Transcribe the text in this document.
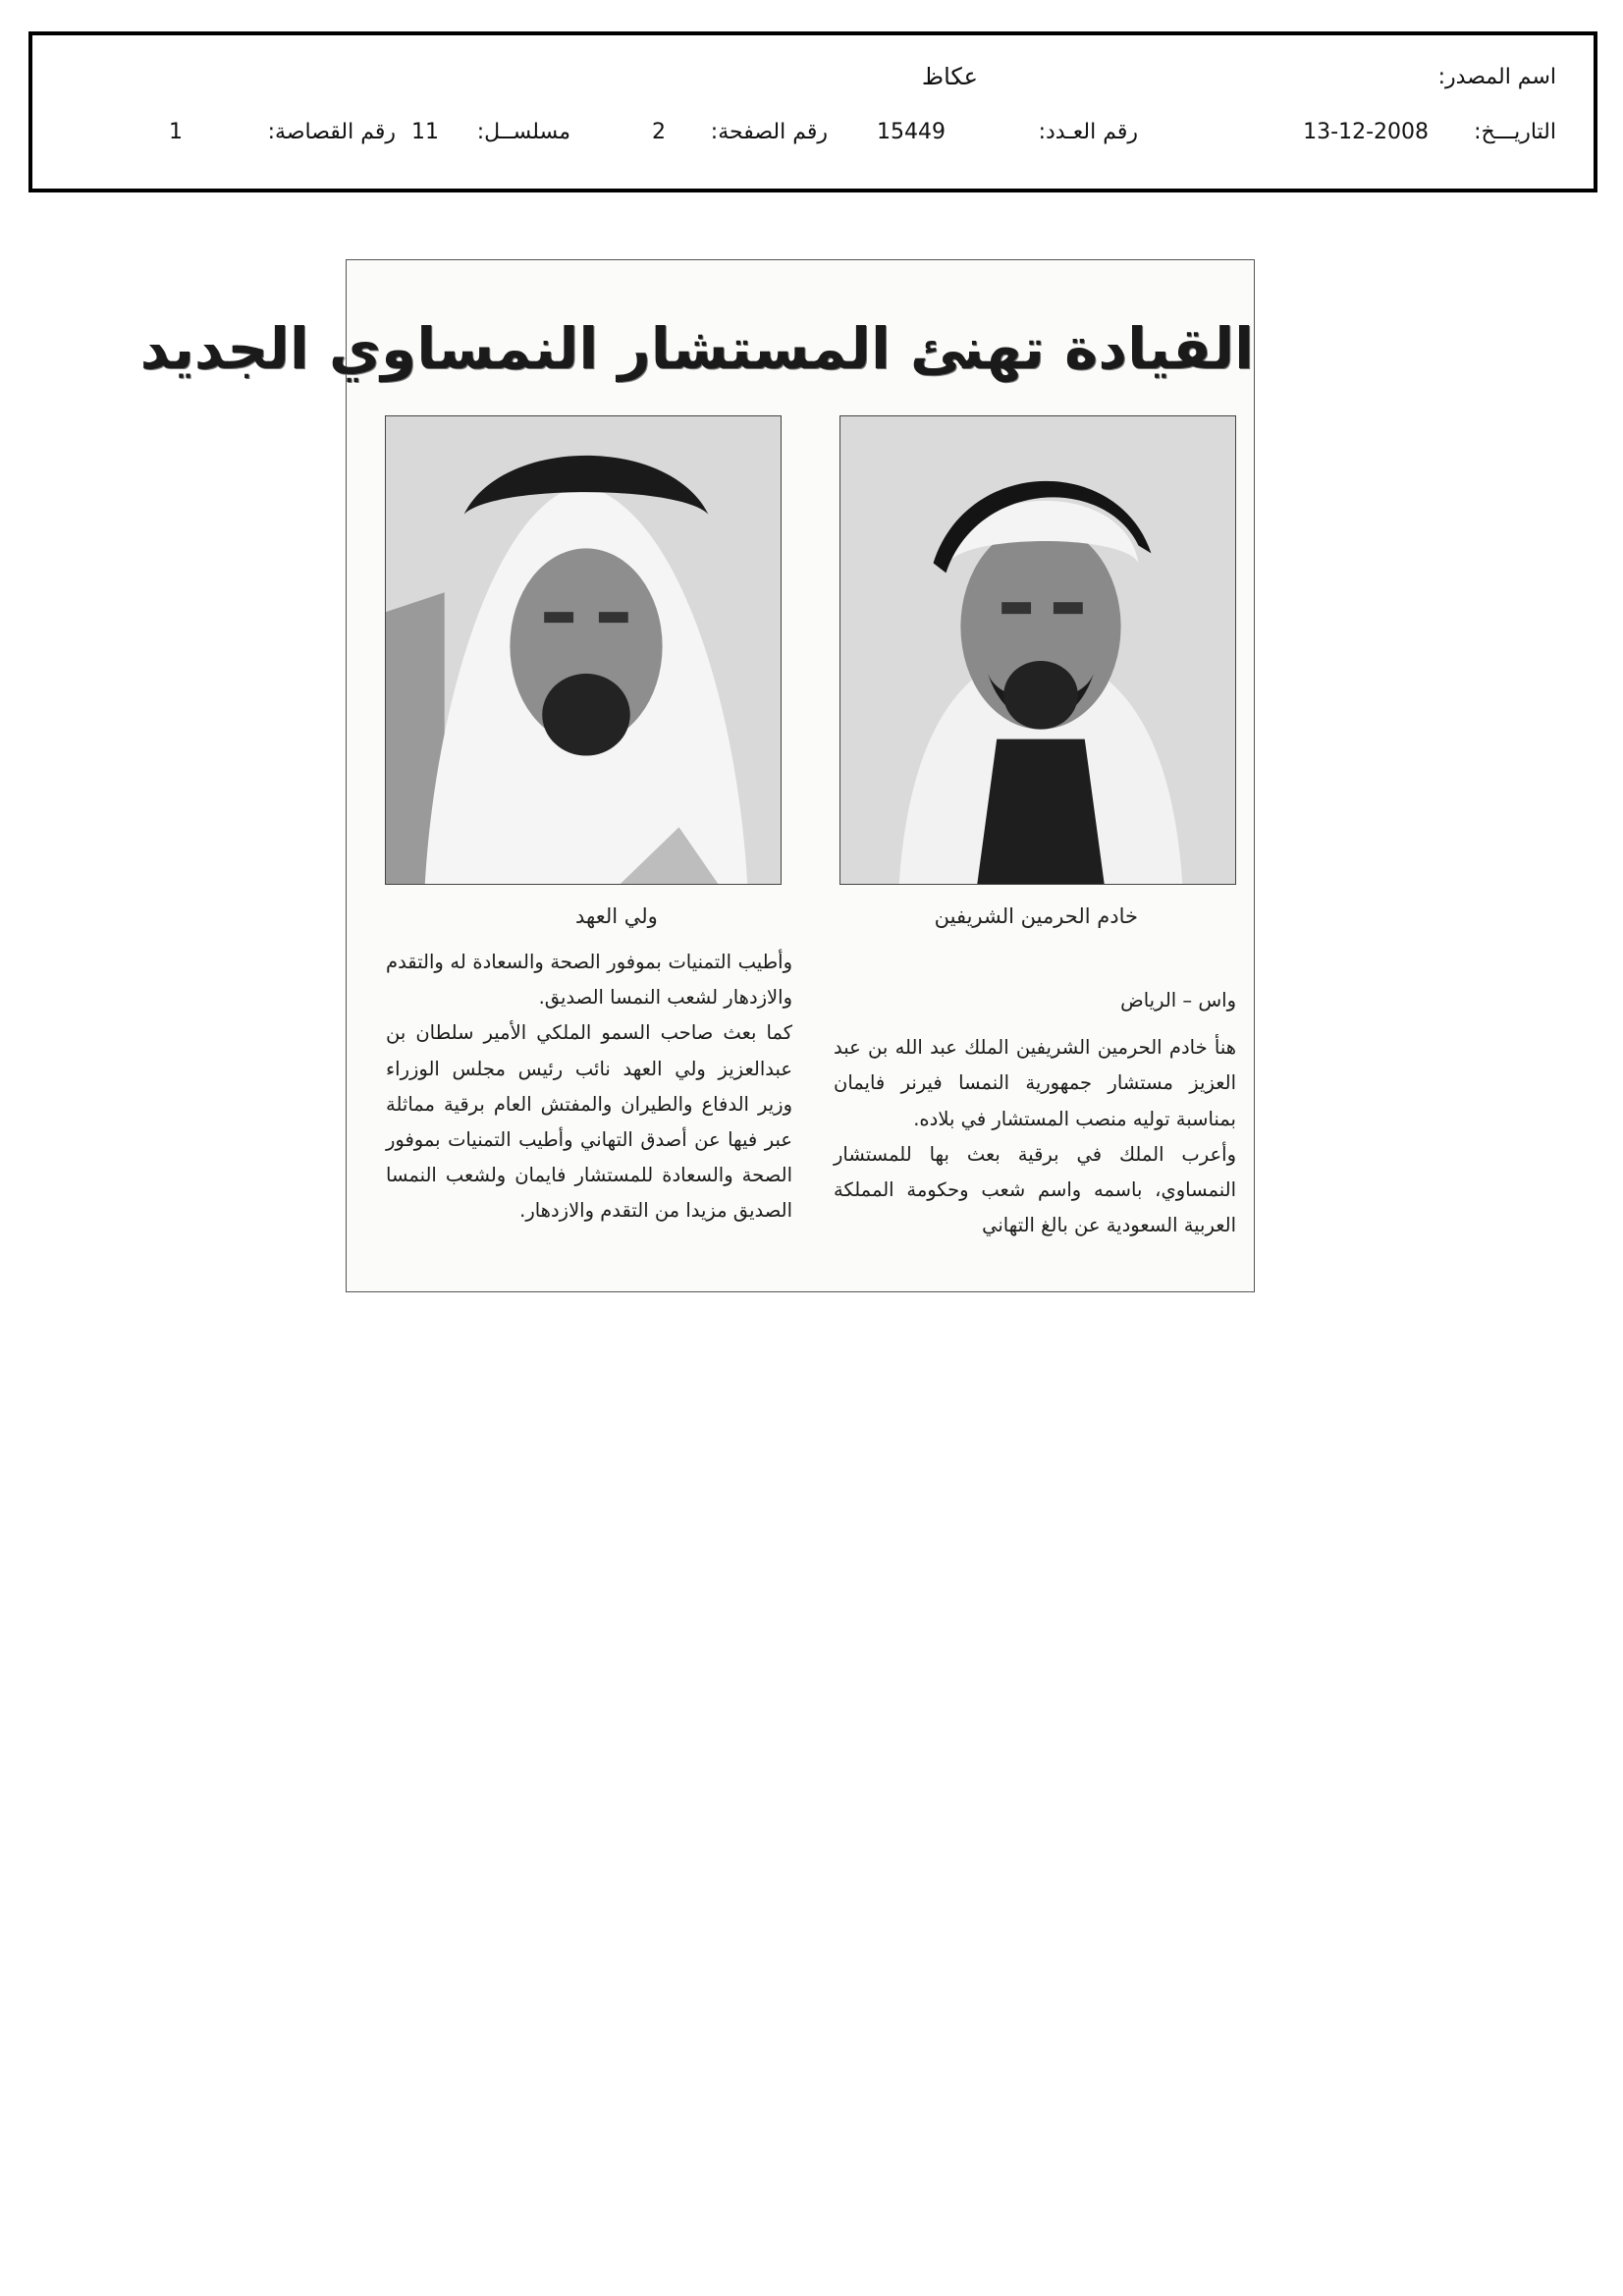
اسم المصدر:
عكاظ
التاريـــخ:
13-12-2008
رقم العـدد:
15449
رقم الصفحة:
2
مسلســل:
11
رقم القصاصة:
1
القيادة تهنئ المستشار النمساوي الجديد
خادم الحرمين الشريفين
ولي العهد

واس – الرياض

هنأ خادم الحرمين الشريفين الملك عبد الله بن عبد العزيز مستشار جمهورية النمسا فيرنر فايمان بمناسبة توليه منصب المستشار في بلاده.

وأعرب الملك في برقية بعث بها للمستشار النمساوي، باسمه واسم شعب وحكومة المملكة العربية السعودية عن بالغ التهاني

وأطيب التمنيات بموفور الصحة والسعادة له والتقدم والازدهار لشعب النمسا الصديق.

كما بعث صاحب السمو الملكي الأمير سلطان بن عبدالعزيز ولي العهد نائب رئيس مجلس الوزراء وزير الدفاع والطيران والمفتش العام برقية مماثلة عبر فيها عن أصدق التهاني وأطيب التمنيات بموفور الصحة والسعادة للمستشار فايمان ولشعب النمسا الصديق مزيدا من التقدم والازدهار.
